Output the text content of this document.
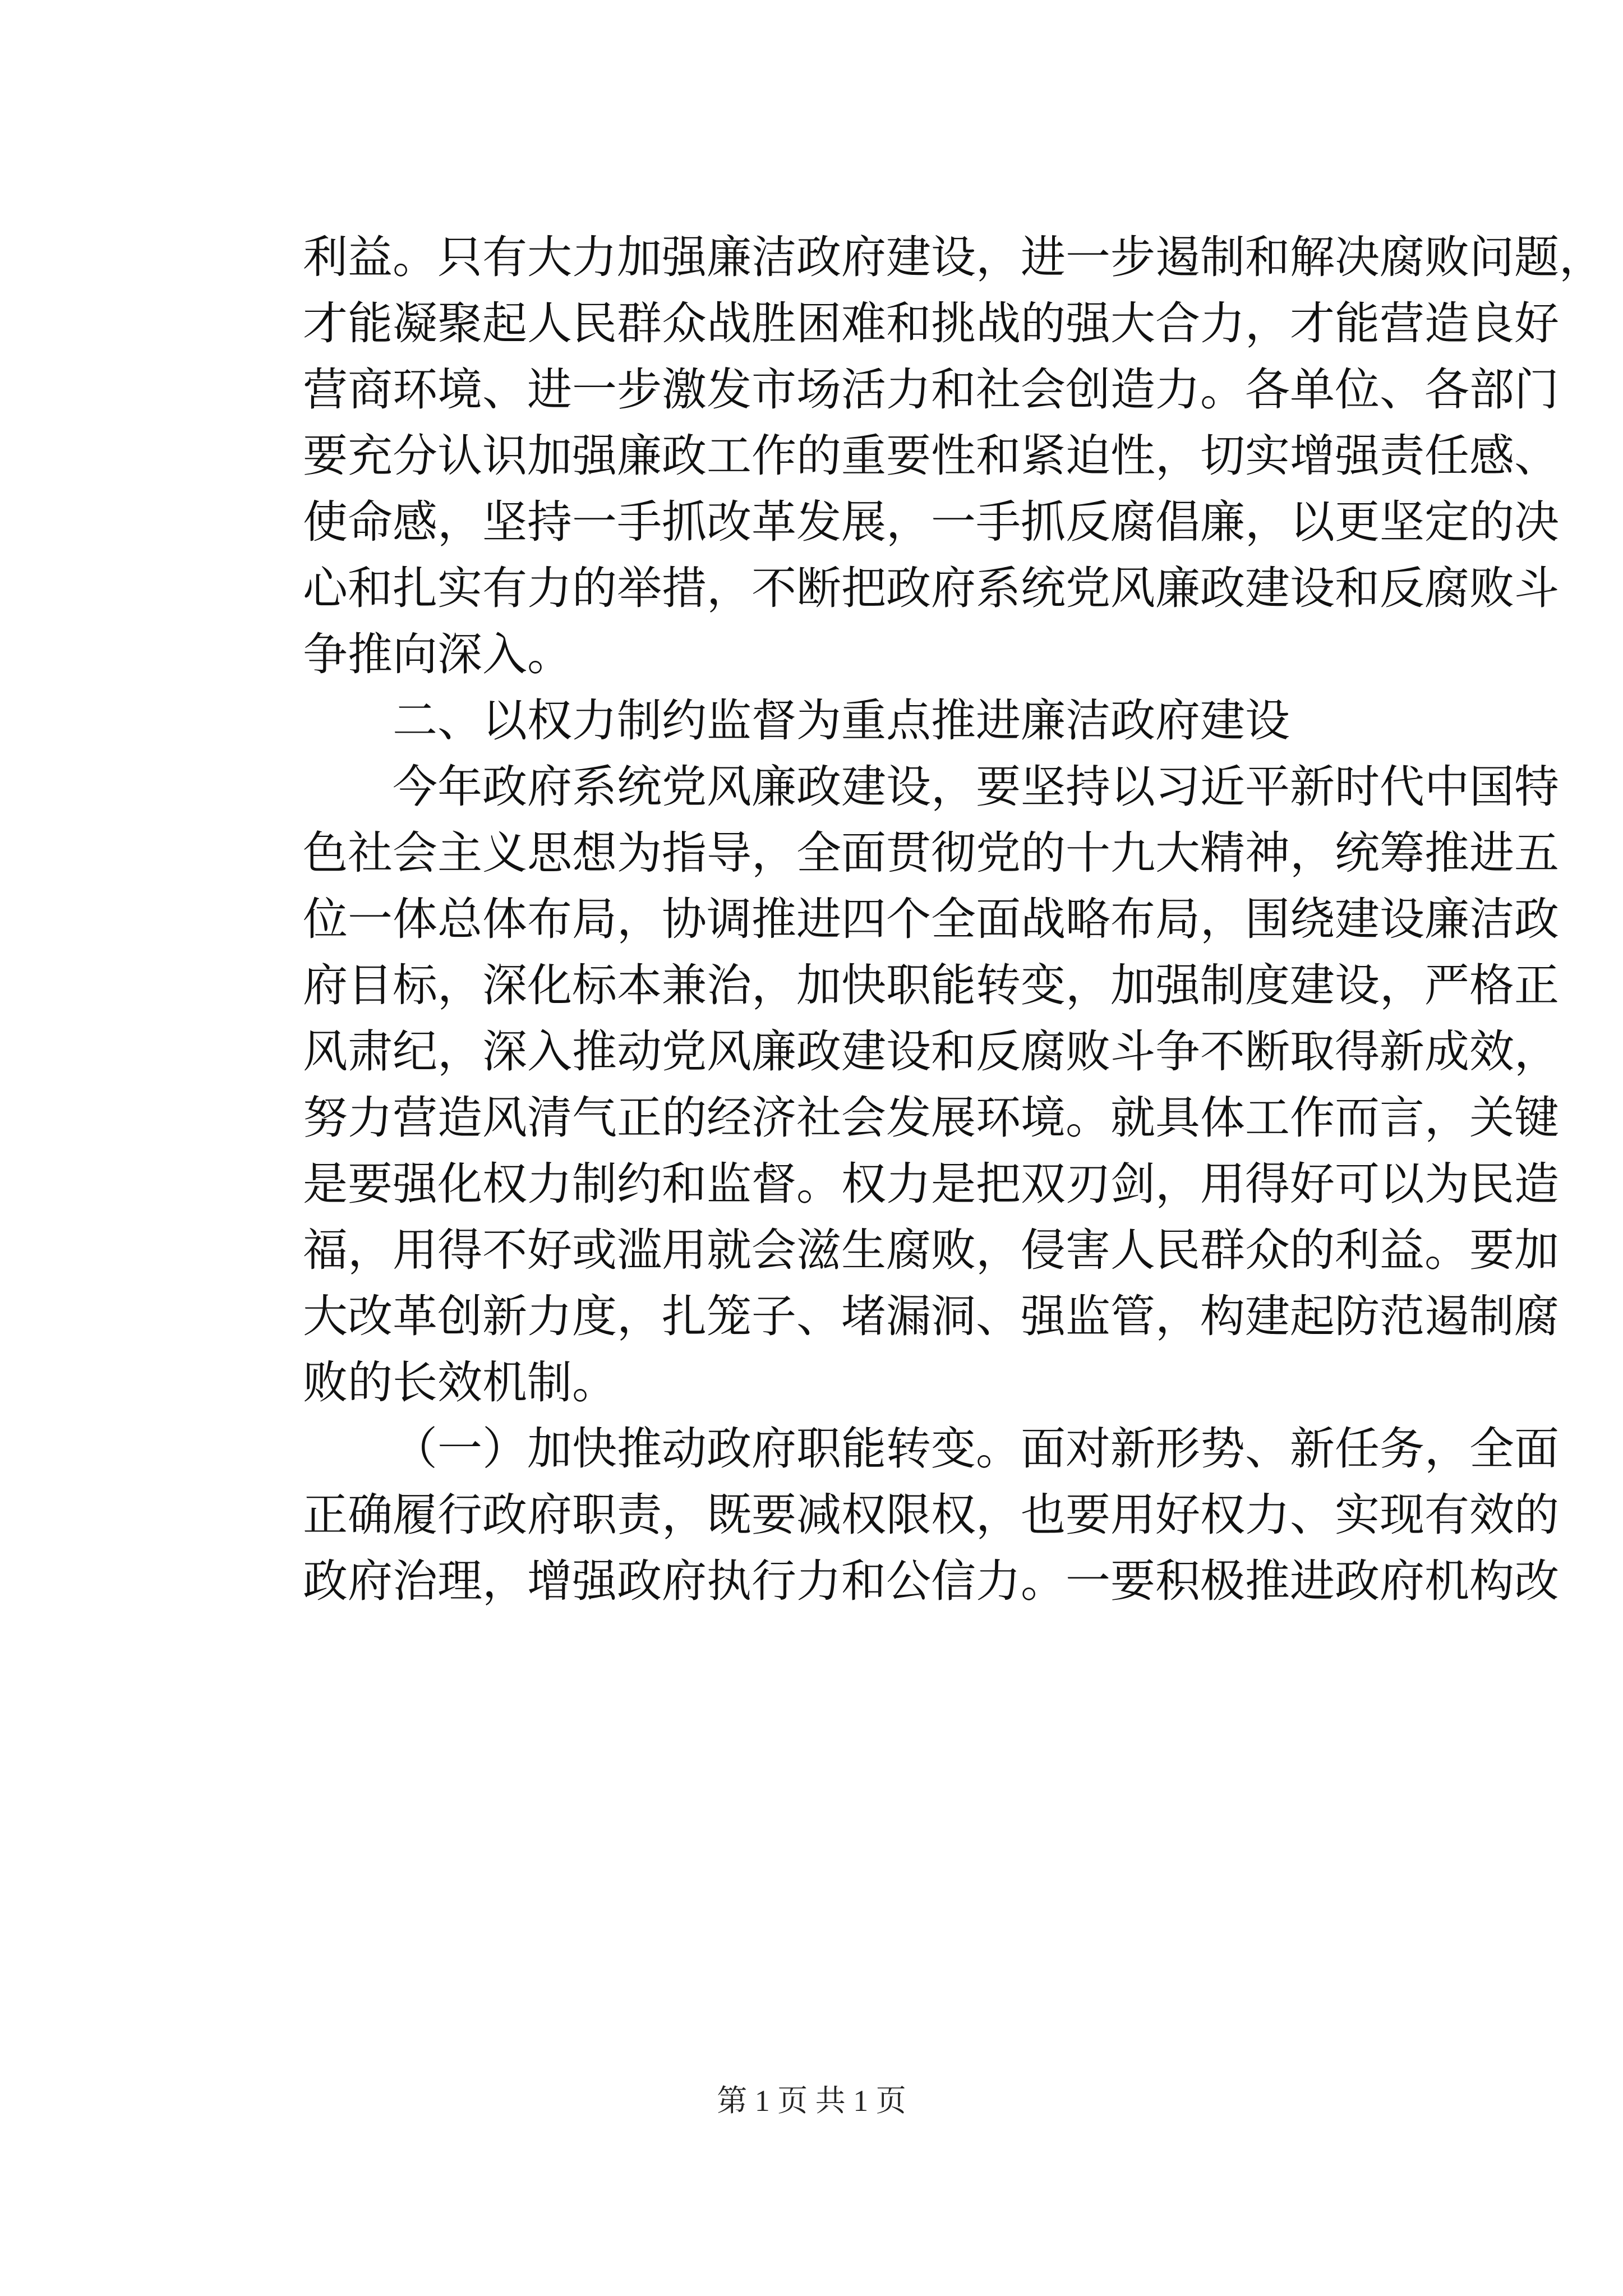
利益。只有大力加强廉洁政府建设，进一步遏制和解决腐败问题，
才能凝聚起人民群众战胜困难和挑战的强大合力，才能营造良好
营商环境、进一步激发市场活力和社会创造力。各单位、各部门
要充分认识加强廉政工作的重要性和紧迫性，切实增强责任感、
使命感，坚持一手抓改革发展，一手抓反腐倡廉，以更坚定的决
心和扎实有力的举措，不断把政府系统党风廉政建设和反腐败斗
争推向深入。
二、以权力制约监督为重点推进廉洁政府建设
今年政府系统党风廉政建设，要坚持以习近平新时代中国特
色社会主义思想为指导，全面贯彻党的十九大精神，统筹推进五
位一体总体布局，协调推进四个全面战略布局，围绕建设廉洁政
府目标，深化标本兼治，加快职能转变，加强制度建设，严格正
风肃纪，深入推动党风廉政建设和反腐败斗争不断取得新成效，
努力营造风清气正的经济社会发展环境。就具体工作而言，关键
是要强化权力制约和监督。权力是把双刃剑，用得好可以为民造
福，用得不好或滥用就会滋生腐败，侵害人民群众的利益。要加
大改革创新力度，扎笼子、堵漏洞、强监管，构建起防范遏制腐
败的长效机制。
（一）加快推动政府职能转变。面对新形势、新任务，全面
正确履行政府职责，既要减权限权，也要用好权力、实现有效的
政府治理，增强政府执行力和公信力。一要积极推进政府机构改
第 1 页 共 1 页
